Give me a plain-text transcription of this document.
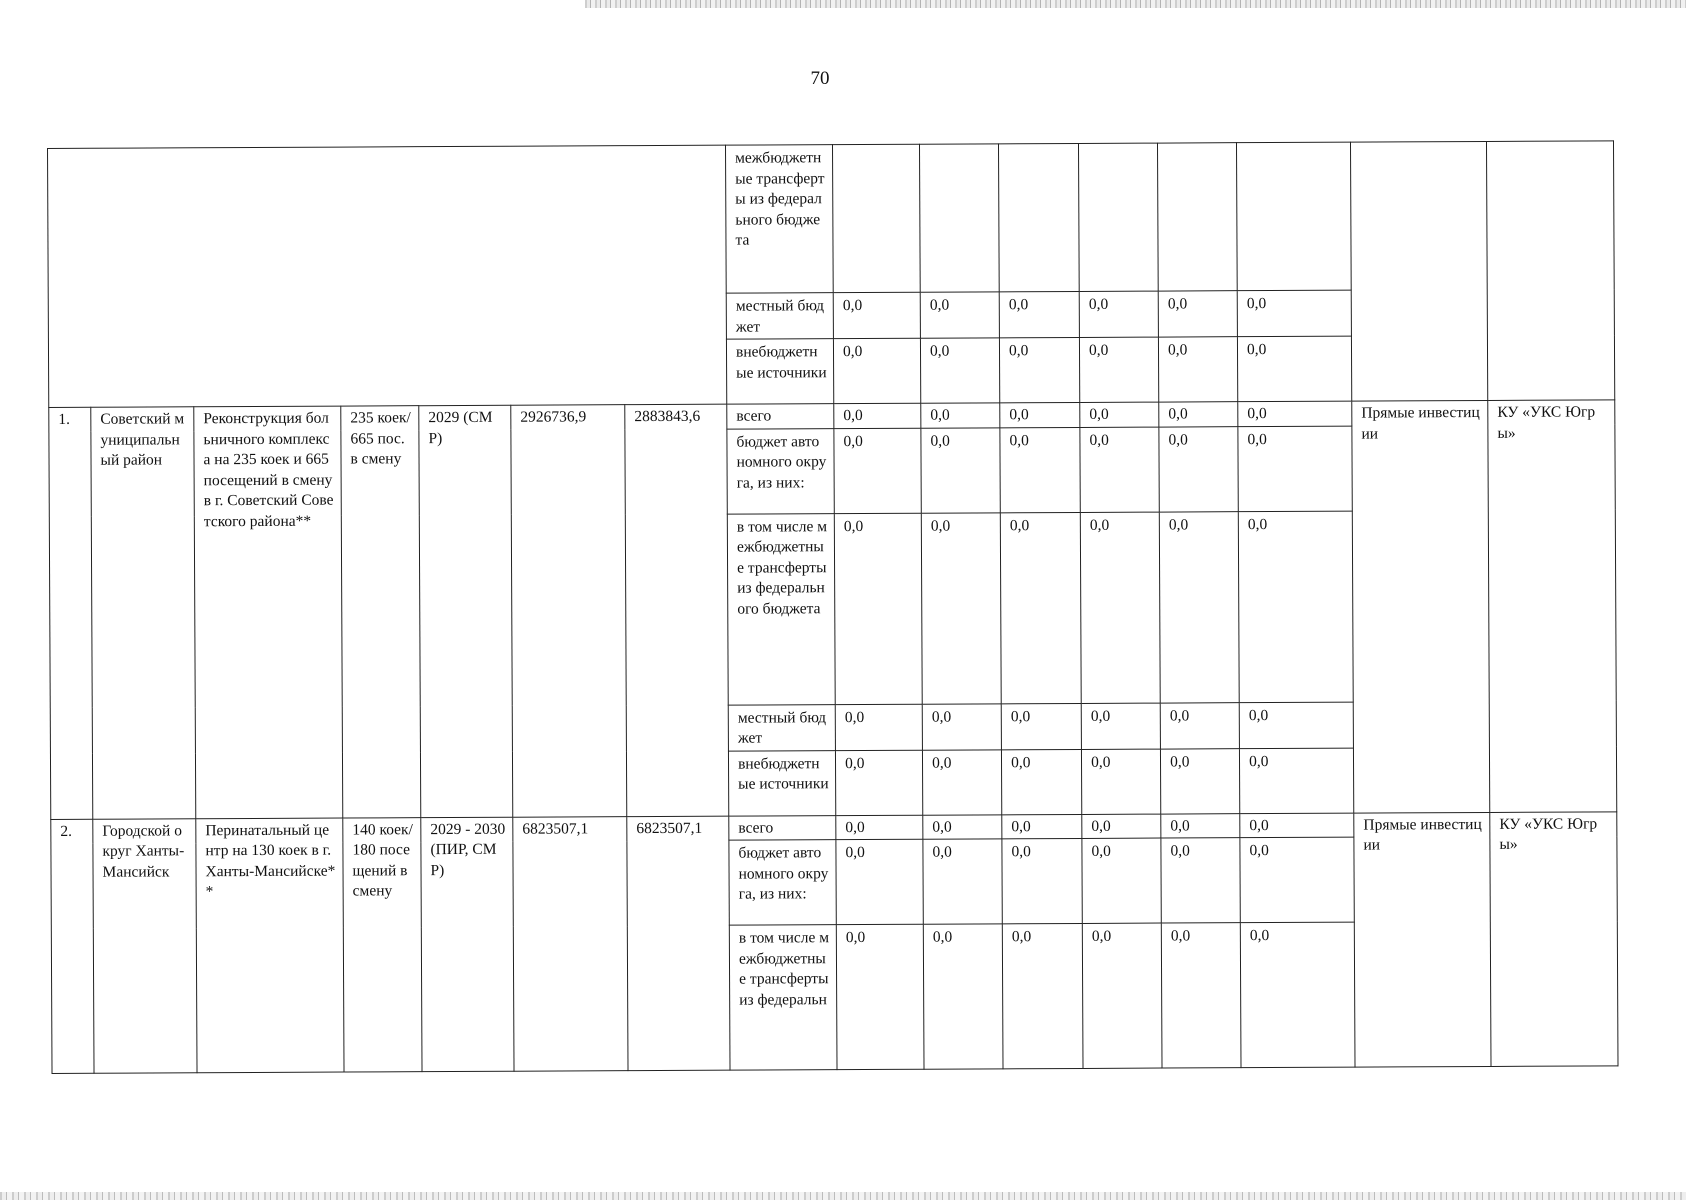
70
							межбюджетные трансферты из федерального бюджета								
							местный бюджет	0,0	0,0	0,0	0,0	0,0	0,0		
							внебюджетные источники	0,0	0,0	0,0	0,0	0,0	0,0		
1.	Советский муниципальный район	Реконструкция больничного комплекса на 235 коек и 665 посещений в смену в г. Советский Советского района**	235 коек/ 665 пос. в смену	2029 (СМР)	2926736,9	2883843,6	всего	0,0	0,0	0,0	0,0	0,0	0,0	Прямые инвестиции	КУ «УКС Югры»
							бюджет автономного округа, из них:	0,0	0,0	0,0	0,0	0,0	0,0		
							в том числе межбюджетные трансферты из федерального бюджета	0,0	0,0	0,0	0,0	0,0	0,0		
							местный бюджет	0,0	0,0	0,0	0,0	0,0	0,0		
							внебюджетные источники	0,0	0,0	0,0	0,0	0,0	0,0		
2.	Городской округ Ханты-Мансийск	Перинатальный центр на 130 коек в г. Ханты-Мансийске**	140 коек/ 180 посещений в смену	2029 - 2030 (ПИР, СМР)	6823507,1	6823507,1	всего	0,0	0,0	0,0	0,0	0,0	0,0	Прямые инвестиции	КУ «УКС Югры»
							бюджет автономного округа, из них:	0,0	0,0	0,0	0,0	0,0	0,0		
							в том числе межбюджетные трансферты из федеральн	0,0	0,0	0,0	0,0	0,0	0,0		
